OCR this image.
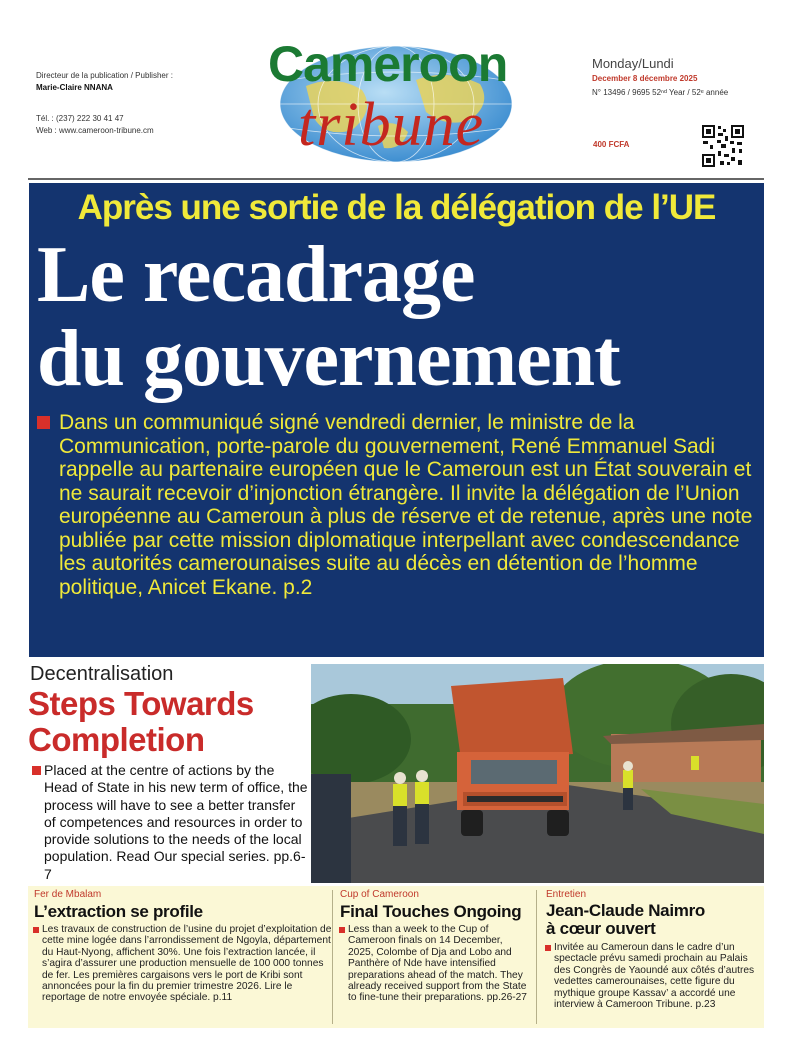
Directeur de la publication / Publisher :
Marie-Claire NNANA
Tél. : (237) 222 30 41 47
Web : www.cameroon-tribune.cm
Cameroon
tribune
Monday/Lundi
December 8 décembre 2025
N° 13496 / 9695 52ⁿᵈ Year / 52ᵉ année
400 FCFA
Après une sortie de la délégation de l’UE
Le recadrage
du gouvernement
Dans un communiqué signé vendredi dernier, le ministre de la Communication, porte-parole du gouvernement, René Emmanuel Sadi rappelle au partenaire européen que le Cameroun est un État souverain et ne saurait recevoir d’injonction étrangère. Il invite la délégation de l’Union européenne au Cameroun à plus de réserve et de retenue, après une note publiée par cette mission diplomatique interpellant avec condescendance les autorités camerounaises suite au décès en détention de l’homme politique, Anicet Ekane. p.2
Decentralisation
Steps Towards
Completion
Placed at the centre of actions by the Head of State in his new term of office, the process will have to see a better transfer of competences and resources in order to provide solutions to the needs of the local population. Read Our special series. pp.6-7
Fer de Mbalam
L’extraction se profile
Les travaux de construction de l’usine du projet d’exploitation de cette mine logée dans l’arrondissement de Ngoyla, département du Haut-Nyong, affichent 30%. Une fois l’extraction lancée, il s’agira d’assurer une production mensuelle de 100 000 tonnes de fer. Les premières cargaisons vers le port de Kribi sont annoncées pour la fin du premier trimestre 2026. Lire le reportage de notre envoyée spéciale. p.11
Cup of Cameroon
Final Touches Ongoing
Less than a week to the Cup of Cameroon finals on 14 December, 2025, Colombe of Dja and Lobo and Panthère of Nde have intensified preparations ahead of the match. They already received support from the State to fine-tune their preparations. pp.26-27
Entretien
Jean-Claude Naimro
à cœur ouvert
Invitée au Cameroun dans le cadre d’un spectacle prévu samedi prochain au Palais des Congrès de Yaoundé aux côtés d’autres vedettes camerounaises, cette figure du mythique groupe Kassav’ a accordé une interview à Cameroon Tribune. p.23
